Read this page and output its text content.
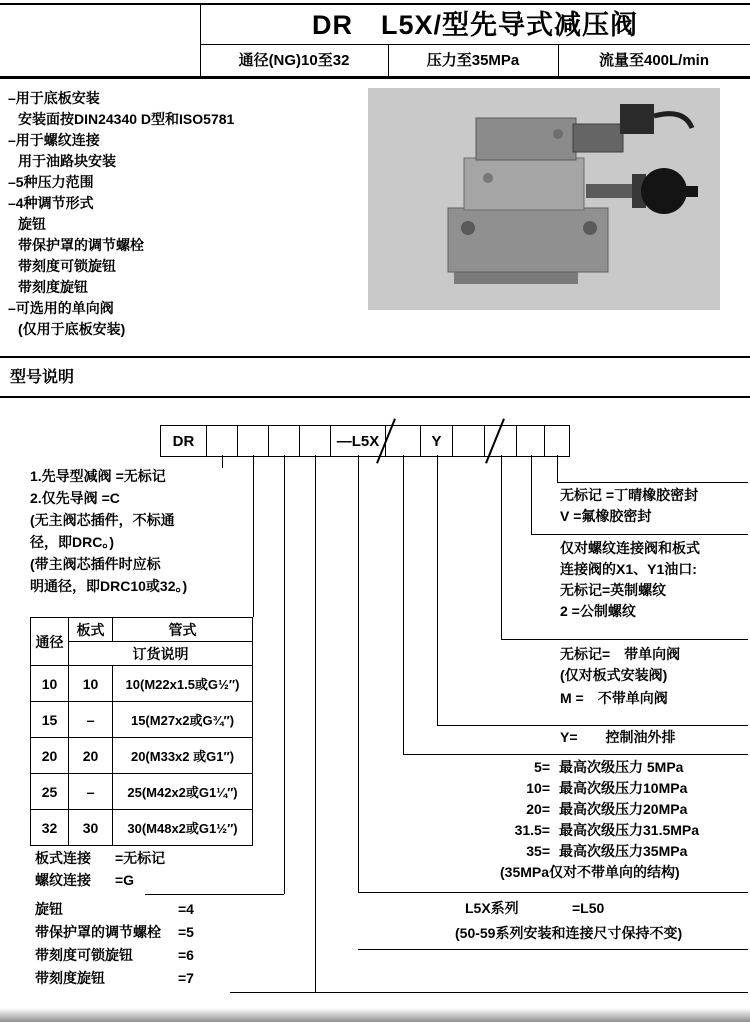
DR　L5X/型先导式减压阀
通径(NG)10至32	压力至35MPa	流量至400L/min
–用于底板安装
安装面按DIN24340 D型和ISO5781
–用于螺纹连接
用于油路块安装
–5种压力范围
–4种调节形式
旋钮
带保护罩的调节螺栓
带刻度可锁旋钮
带刻度旋钮
–可选用的单向阀
(仅用于底板安装)
型号说明
DR	—L5X	Y
1.先导型减阀 =无标记
2.仅先导阀 =C
(无主阀芯插件，不标通
径，即DRC。)
(带主阀芯插件时应标
明通径，即DRC10或32。)
通径	板式	管式
	订货说明	
10	10	10(M22x1.5或G½″)
15	–	15(M27x2或G¾″)
20	20	20(M33x2 或G1″)
25	–	25(M42x2或G1¼″)
32	30	30(M48x2或G1½″)
板式连接 =无标记
螺纹连接 =G
旋钮	=4
带保护罩的调节螺栓 =5
带刻度可锁旋钮	=6
带刻度旋钮	=7
无标记 =丁晴橡胶密封
V =氟橡胶密封
仅对螺纹连接阀和板式
连接阀的X1、Y1油口:
无标记=英制螺纹
2 =公制螺纹
无标记=　带单向阀
(仅对板式安装阀)
M =　不带单向阀
Y=　　控制油外排
5= 最高次级压力 5MPa
10= 最高次级压力10MPa
20= 最高次级压力20MPa
31.5= 最高次级压力31.5MPa
35= 最高次级压力35MPa
(35MPa仅对不带单向的结构)
L5X系列	=L50
(50-59系列安装和连接尺寸保持不变)
